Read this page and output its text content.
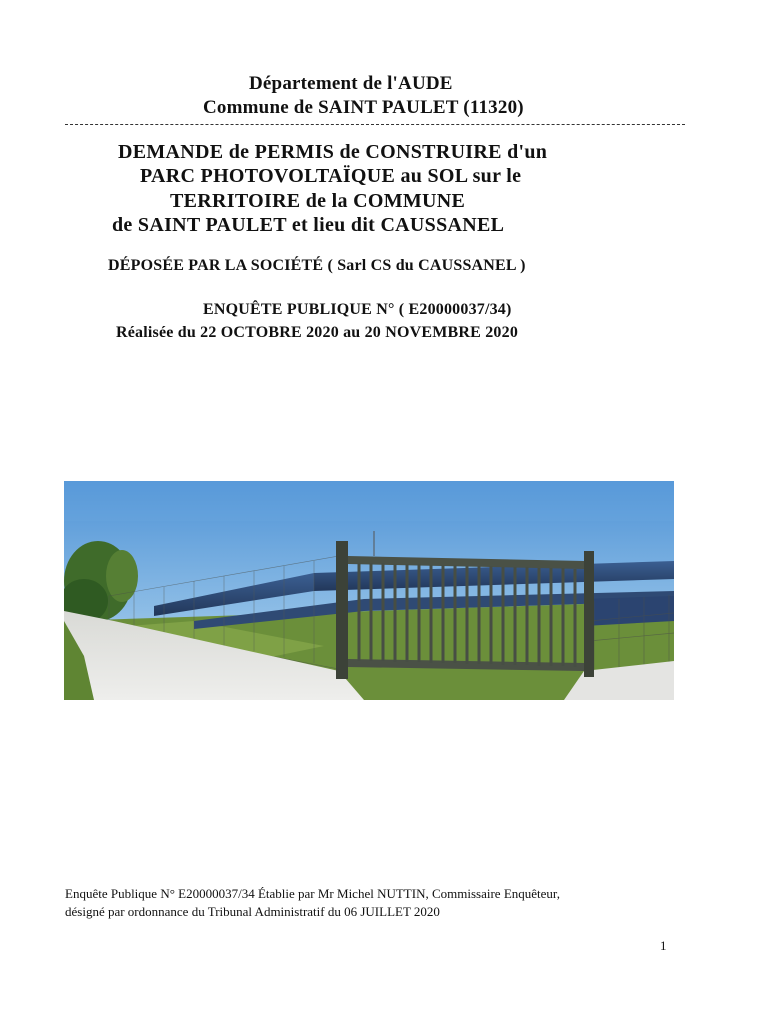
Département de l'AUDE
Commune de SAINT PAULET (11320)
DEMANDE de PERMIS de CONSTRUIRE d'un
PARC PHOTOVOLTAÏQUE au SOL sur le
TERRITOIRE de la COMMUNE
de SAINT PAULET et lieu dit CAUSSANEL
DÉPOSÉE PAR LA SOCIÉTÉ ( Sarl CS du CAUSSANEL )
ENQUÊTE PUBLIQUE N° ( E20000037/34)
Réalisée du 22 OCTOBRE 2020 au 20 NOVEMBRE 2020
Enquête Publique N° E20000037/34 Établie par Mr Michel NUTTIN, Commissaire Enquêteur,
désigné par ordonnance du Tribunal Administratif du 06 JUILLET 2020
1
